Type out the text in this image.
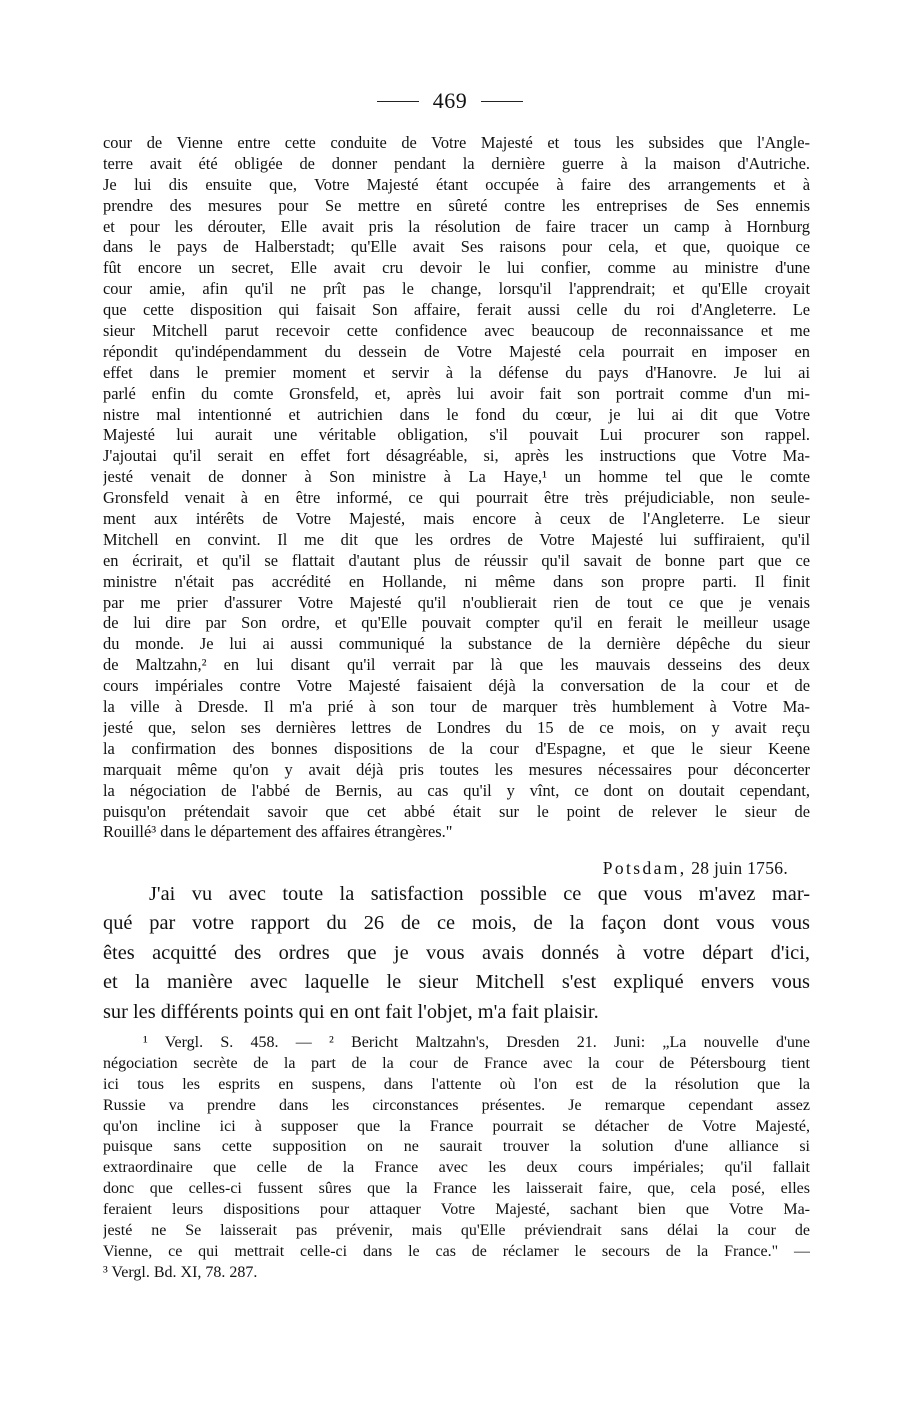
469
cour de Vienne entre cette conduite de Votre Majesté et tous les subsides que l'Angle-
terre avait été obligée de donner pendant la dernière guerre à la maison d'Autriche.
Je lui dis ensuite que, Votre Majesté étant occupée à faire des arrangements et à
prendre des mesures pour Se mettre en sûreté contre les entreprises de Ses ennemis
et pour les dérouter, Elle avait pris la résolution de faire tracer un camp à Hornburg
dans le pays de Halberstadt; qu'Elle avait Ses raisons pour cela, et que, quoique ce
fût encore un secret, Elle avait cru devoir le lui confier, comme au ministre d'une
cour amie, afin qu'il ne prît pas le change, lorsqu'il l'apprendrait; et qu'Elle croyait
que cette disposition qui faisait Son affaire, ferait aussi celle du roi d'Angleterre. Le
sieur Mitchell parut recevoir cette confidence avec beaucoup de reconnaissance et me
répondit qu'indépendamment du dessein de Votre Majesté cela pourrait en imposer en
effet dans le premier moment et servir à la défense du pays d'Hanovre. Je lui ai
parlé enfin du comte Gronsfeld, et, après lui avoir fait son portrait comme d'un mi-
nistre mal intentionné et autrichien dans le fond du cœur, je lui ai dit que Votre
Majesté lui aurait une véritable obligation, s'il pouvait Lui procurer son rappel.
J'ajoutai qu'il serait en effet fort désagréable, si, après les instructions que Votre Ma-
jesté venait de donner à Son ministre à La Haye,¹ un homme tel que le comte
Gronsfeld venait à en être informé, ce qui pourrait être très préjudiciable, non seule-
ment aux intérêts de Votre Majesté, mais encore à ceux de l'Angleterre. Le sieur
Mitchell en convint. Il me dit que les ordres de Votre Majesté lui suffiraient, qu'il
en écrirait, et qu'il se flattait d'autant plus de réussir qu'il savait de bonne part que ce
ministre n'était pas accrédité en Hollande, ni même dans son propre parti. Il finit
par me prier d'assurer Votre Majesté qu'il n'oublierait rien de tout ce que je venais
de lui dire par Son ordre, et qu'Elle pouvait compter qu'il en ferait le meilleur usage
du monde. Je lui ai aussi communiqué la substance de la dernière dépêche du sieur
de Maltzahn,² en lui disant qu'il verrait par là que les mauvais desseins des deux
cours impériales contre Votre Majesté faisaient déjà la conversation de la cour et de
la ville à Dresde. Il m'a prié à son tour de marquer très humblement à Votre Ma-
jesté que, selon ses dernières lettres de Londres du 15 de ce mois, on y avait reçu
la confirmation des bonnes dispositions de la cour d'Espagne, et que le sieur Keene
marquait même qu'on y avait déjà pris toutes les mesures nécessaires pour déconcerter
la négociation de l'abbé de Bernis, au cas qu'il y vînt, ce dont on doutait cependant,
puisqu'on prétendait savoir que cet abbé était sur le point de relever le sieur de
Rouillé³ dans le département des affaires étrangères."
Potsdam, 28 juin 1756.
J'ai vu avec toute la satisfaction possible ce que vous m'avez mar-
qué par votre rapport du 26 de ce mois, de la façon dont vous vous
êtes acquitté des ordres que je vous avais donnés à votre départ d'ici,
et la manière avec laquelle le sieur Mitchell s'est expliqué envers vous
sur les différents points qui en ont fait l'objet, m'a fait plaisir.
¹ Vergl. S. 458. — ² Bericht Maltzahn's, Dresden 21. Juni: „La nouvelle d'une
négociation secrète de la part de la cour de France avec la cour de Pétersbourg tient
ici tous les esprits en suspens, dans l'attente où l'on est de la résolution que la
Russie va prendre dans les circonstances présentes. Je remarque cependant assez
qu'on incline ici à supposer que la France pourrait se détacher de Votre Majesté,
puisque sans cette supposition on ne saurait trouver la solution d'une alliance si
extraordinaire que celle de la France avec les deux cours impériales; qu'il fallait
donc que celles-ci fussent sûres que la France les laisserait faire, que, cela posé, elles
feraient leurs dispositions pour attaquer Votre Majesté, sachant bien que Votre Ma-
jesté ne Se laisserait pas prévenir, mais qu'Elle préviendrait sans délai la cour de
Vienne, ce qui mettrait celle-ci dans le cas de réclamer le secours de la France." —
³ Vergl. Bd. XI, 78. 287.
